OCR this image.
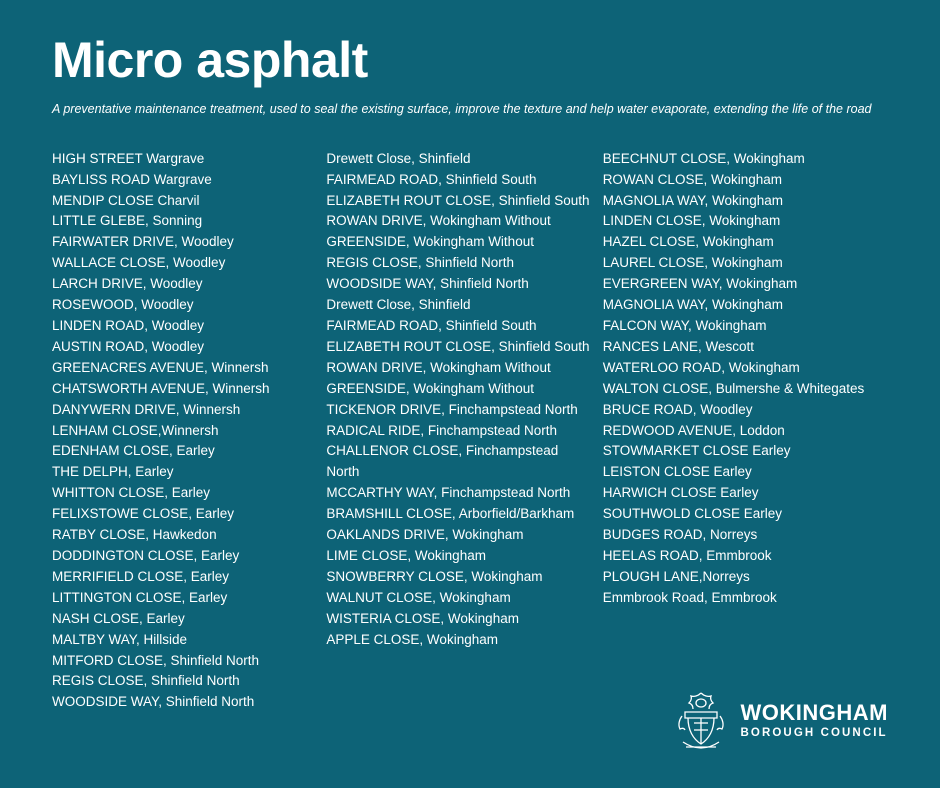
Micro asphalt

A preventative maintenance treatment, used to seal the existing surface, improve the texture and help water evaporate, extending the life of the road

HIGH STREET Wargrave
BAYLISS ROAD Wargrave
MENDIP CLOSE Charvil
LITTLE GLEBE, Sonning
FAIRWATER DRIVE, Woodley
WALLACE CLOSE, Woodley
LARCH DRIVE, Woodley
ROSEWOOD, Woodley
LINDEN ROAD, Woodley
AUSTIN ROAD, Woodley
GREENACRES AVENUE, Winnersh
CHATSWORTH AVENUE, Winnersh
DANYWERN DRIVE, Winnersh
LENHAM CLOSE,Winnersh
EDENHAM CLOSE, Earley
THE DELPH, Earley
WHITTON CLOSE, Earley
FELIXSTOWE CLOSE, Earley
RATBY CLOSE, Hawkedon
DODDINGTON CLOSE, Earley
MERRIFIELD CLOSE, Earley
LITTINGTON CLOSE, Earley
NASH CLOSE, Earley
MALTBY WAY, Hillside
MITFORD CLOSE, Shinfield North
REGIS CLOSE, Shinfield North
WOODSIDE WAY, Shinfield North
Drewett Close, Shinfield
FAIRMEAD ROAD, Shinfield South
ELIZABETH ROUT CLOSE, Shinfield South
ROWAN DRIVE, Wokingham Without
GREENSIDE, Wokingham Without
REGIS CLOSE, Shinfield North
WOODSIDE WAY, Shinfield North
Drewett Close, Shinfield
FAIRMEAD ROAD, Shinfield South
ELIZABETH ROUT CLOSE, Shinfield South
ROWAN DRIVE, Wokingham Without
GREENSIDE, Wokingham Without
TICKENOR DRIVE, Finchampstead North
RADICAL RIDE, Finchampstead North
CHALLENOR CLOSE, Finchampstead North
MCCARTHY WAY, Finchampstead North
BRAMSHILL CLOSE, Arborfield/Barkham
OAKLANDS DRIVE, Wokingham
LIME CLOSE, Wokingham
SNOWBERRY CLOSE, Wokingham
WALNUT CLOSE, Wokingham
WISTERIA CLOSE, Wokingham
APPLE CLOSE, Wokingham
BEECHNUT CLOSE, Wokingham
ROWAN CLOSE, Wokingham
MAGNOLIA WAY, Wokingham
LINDEN CLOSE, Wokingham
HAZEL CLOSE, Wokingham
LAUREL CLOSE, Wokingham
EVERGREEN WAY, Wokingham
MAGNOLIA WAY, Wokingham
FALCON WAY, Wokingham
RANCES LANE, Wescott
WATERLOO ROAD, Wokingham
WALTON CLOSE, Bulmershe & Whitegates
BRUCE ROAD, Woodley
REDWOOD AVENUE, Loddon
STOWMARKET CLOSE Earley
LEISTON CLOSE Earley
HARWICH CLOSE Earley
SOUTHWOLD CLOSE Earley
BUDGES ROAD, Norreys
HEELAS ROAD, Emmbrook
PLOUGH LANE,Norreys
Emmbrook Road, Emmbrook
WOKINGHAM
BOROUGH COUNCIL
